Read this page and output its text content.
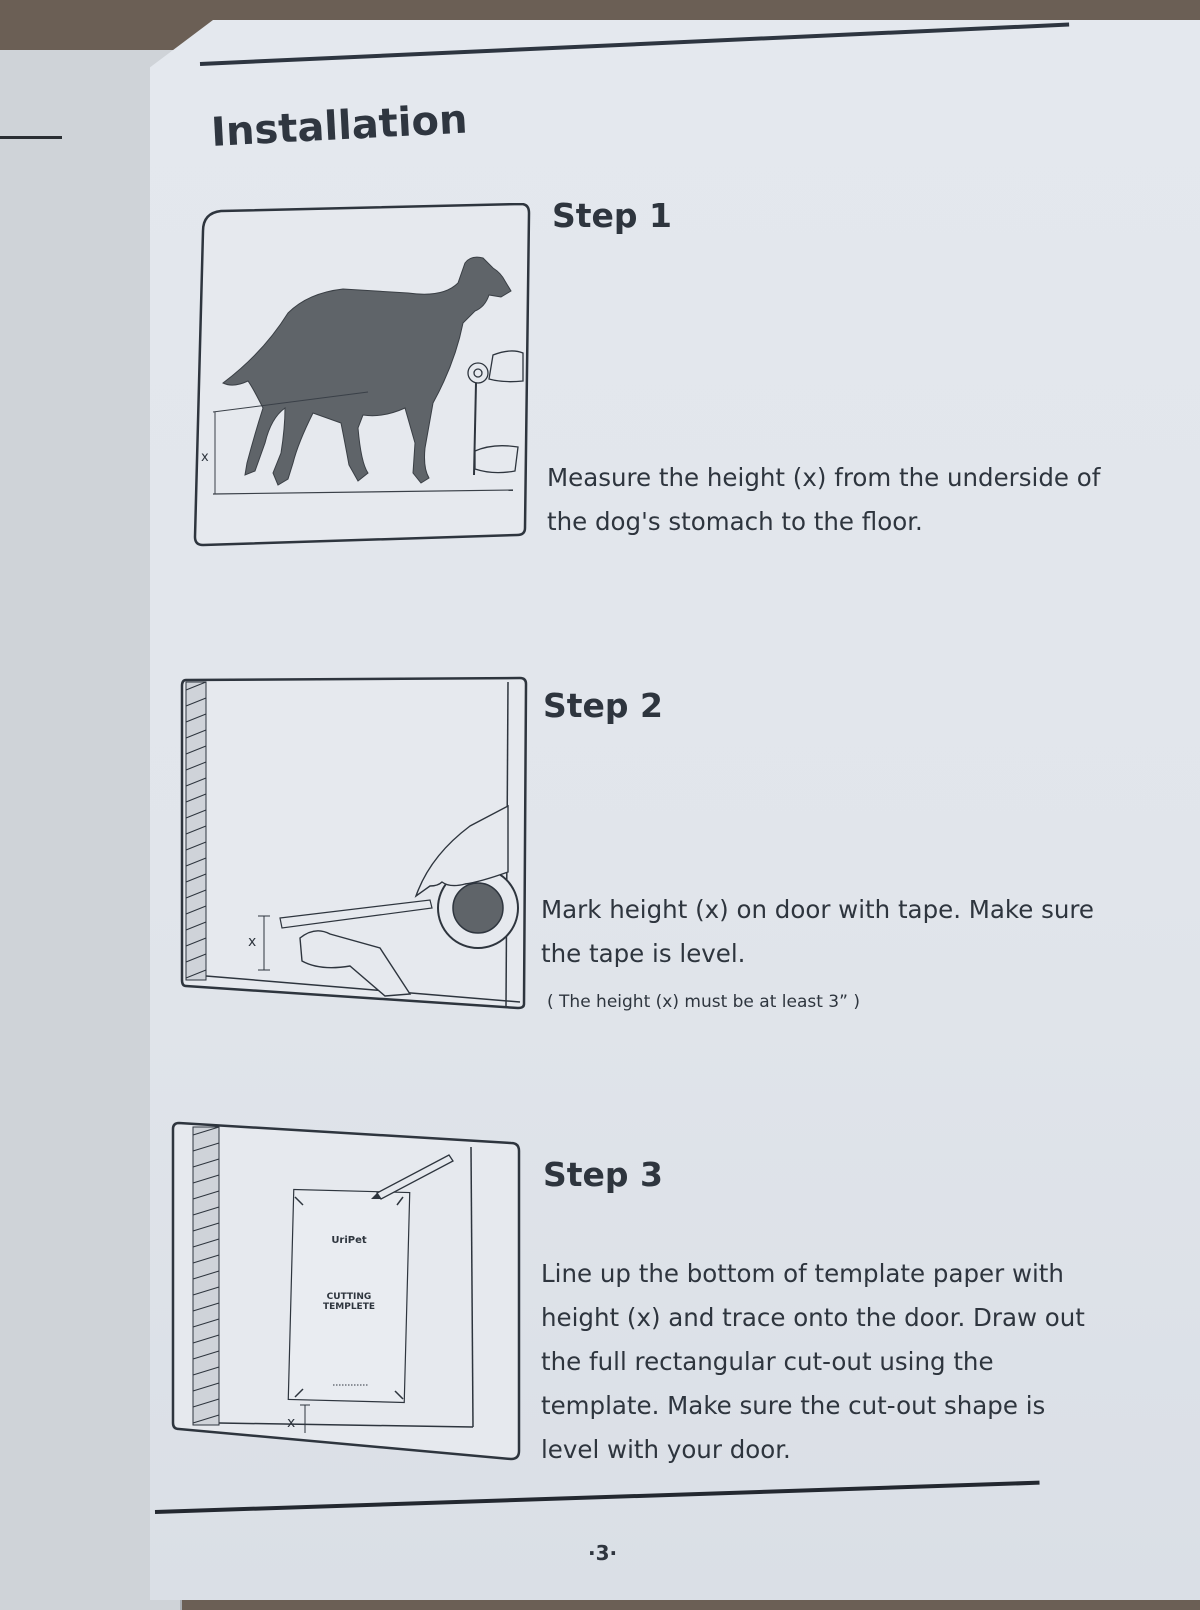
Installation
x
Step 1

Measure the height (x) from the underside of the dog's stomach to the floor.

x
Step 2

Mark height (x) on door with tape. Make sure the tape is level.

( The height (x) must be at least 3” )

UriPet
CUTTING
TEMPLETE
x
Step 3

Line up the bottom of template paper with height (x) and trace onto the door. Draw out the full rectangular cut-out using the template. Make sure the cut-out shape is level with your door.

·3·
